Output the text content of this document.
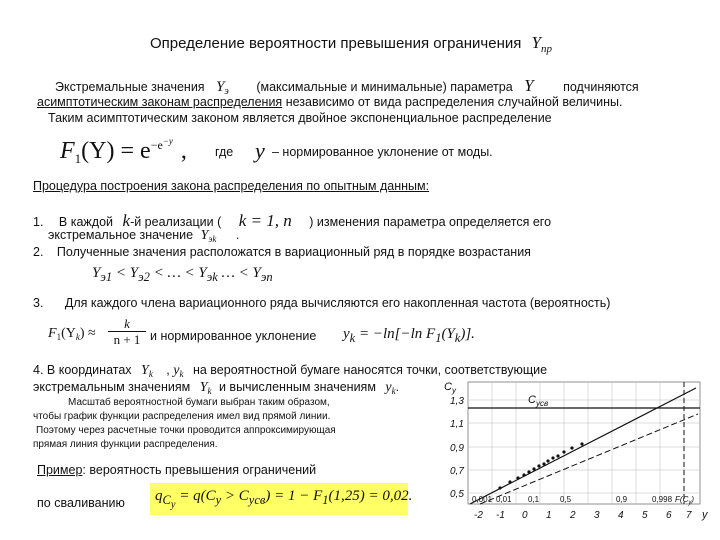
Определение вероятности превышения ограничения $Y_{пр}$
Экстремальные значения $Y_э$ (максимальные и минимальные) параметра Y подчиняются
асимптотическим законам распределения независимо от вида распределения случайной величины.
Таким асимптотическим законом является двойное экспоненциальное распределение
$F_1(Y) = e^{-e^{-y}}$ , где y – нормированное уклонение от моды.
Процедура построения закона распределения по опытным данным:
1. В каждой k-й реализации ( k = 1, n ) изменения параметра определяется его
экстремальное значение $Y_{эk}$ .
2. Полученные значения расположатся в вариационный ряд в порядке возрастания
$Y_{э1} < Y_{э2}$ < … < $Y_{эk}$ … < $Y_{эn}$
3. Для каждого члена вариационного ряда вычисляются его накопленная частота (вероятность)
$F_1(Y_k) \approx \frac{k}{n + 1}$ и нормированное уклонение $y_k = -\ln[-\ln$ $F_1(Y_k)$].
4. В координатах $Y_k$ , $y_k$ на вероятностной бумаге наносятся точки, соответствующие
экстремальным значениям $Y_k$ и вычисленным значениям $y_k$.
Масштаб вероятностной бумаги выбран таким образом,
чтобы график функции распределения имел вид прямой линии.
Поэтому через расчетные точки проводится аппроксимирующая
прямая линия функции распределения.
Пример: вероятность превышения ограничений
по сваливанию $q_{C_y} = q(C_y > C_{yсв}) = 1 - F_1(1,25) = 0,02$.
$C_y$
1,3
1,1
0,9
0,7
0,5
$C_{yсв}$
0,001 0,01 0,1	0,5	0,9	0,998 $F(C_y)$
-2 -1 0 1 2 3 4 5 6 7 y
